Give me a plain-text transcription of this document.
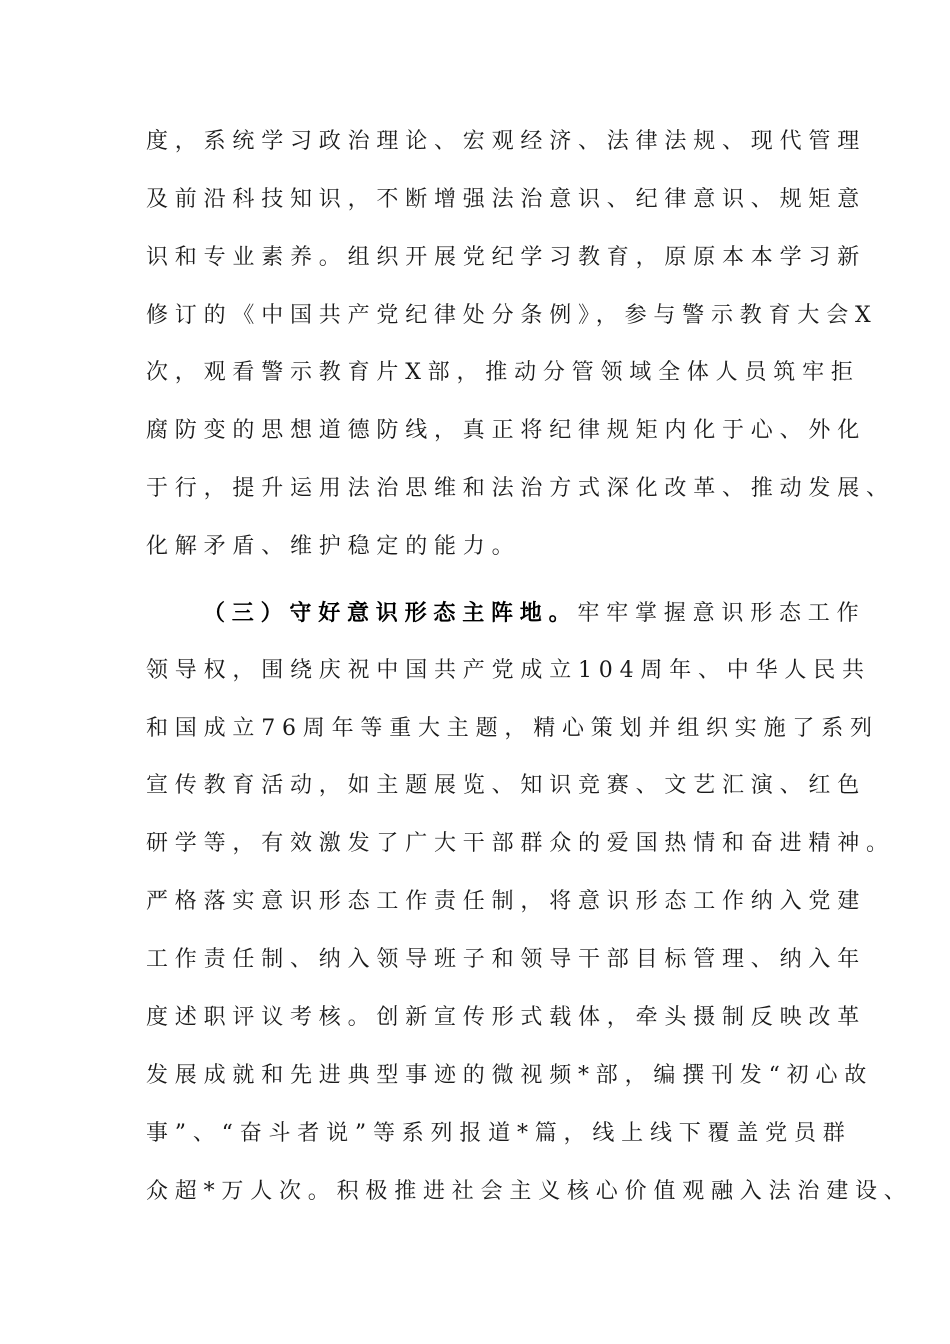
度，系统学习政治理论、宏观经济、法律法规、现代管理
及前沿科技知识，不断增强法治意识、纪律意识、规矩意
识和专业素养。组织开展党纪学习教育，原原本本学习新
修订的《中国共产党纪律处分条例》，参与警示教育大会X
次，观看警示教育片X部，推动分管领域全体人员筑牢拒
腐防变的思想道德防线，真正将纪律规矩内化于心、外化
于行，提升运用法治思维和法治方式深化改革、推动发展、
化解矛盾、维护稳定的能力。
（三）守好意识形态主阵地。牢牢掌握意识形态工作
领导权，围绕庆祝中国共产党成立104周年、中华人民共
和国成立76周年等重大主题，精心策划并组织实施了系列
宣传教育活动，如主题展览、知识竞赛、文艺汇演、红色
研学等，有效激发了广大干部群众的爱国热情和奋进精神。
严格落实意识形态工作责任制，将意识形态工作纳入党建
工作责任制、纳入领导班子和领导干部目标管理、纳入年
度述职评议考核。创新宣传形式载体，牵头摄制反映改革
发展成就和先进典型事迹的微视频*部，编撰刊发“初心故
事”、“奋斗者说”等系列报道*篇，线上线下覆盖党员群
众超*万人次。积极推进社会主义核心价值观融入法治建设、
